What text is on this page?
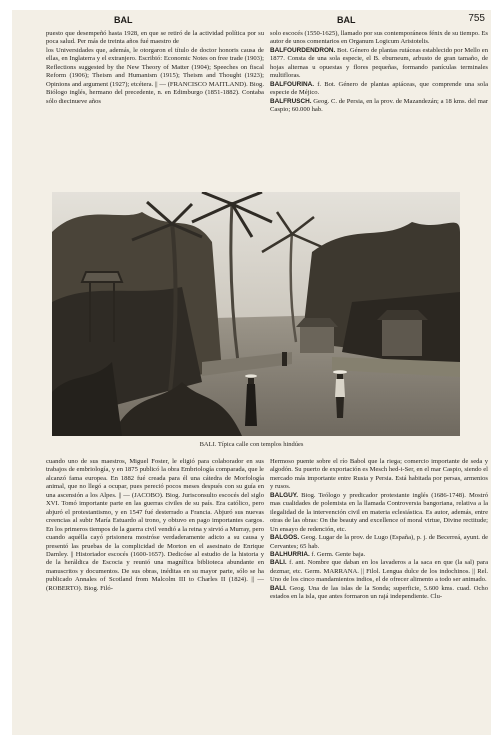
BAL	BAL	755

puesto que desempeñó hasta 1928, en que se retiró de la actividad política por su poca salud. Per más de treinta años fué maestro de

los Universidades que, además, le otorgaron el título de doctor honoris causa de ellas, en Inglaterra y el extranjero. Escribió: Economic Notes on free trade (1903); Reflections suggested by the New Theory of Matter (1904); Speeches on fiscal Reform (1906); Theism and Humanism (1915); Theism and Thought (1923); Opinions and argument (1927); etcétera. || — (FRANCISCO MAITLAND). Biog. Biólogo inglés, hermano del precedente, n. en Edimburgo (1851-1882). Contaba sólo diecinueve años

solo escocés (1550-1625), llamado por sus contemporáneos fénix de su tiempo. Es autor de unos comentarios en Organum Logicum Aristotelis.

BALFOURDENDRON. Bot. Género de plantas rutáceas establecido por Mello en 1877. Consta de una sola especie, el B. eburneum, arbusto de gran tamaño, de hojas alternas u opuestas y flores pequeñas, formando panículas terminales multifloras.

BALFOURINA. f. Bot. Género de plantas apiáceas, que comprende una sola especie de Méjico.

BALFRUSCH. Geog. C. de Persia, en la prov. de Mazandezán; a 18 kms. del mar Caspio; 60.000 hab.

BALI. Típica calle con templos hindúes

cuando uno de sus maestros, Miguel Foster, le eligió para colaborador en sus trabajos de embriología, y en 1875 publicó la obra Embriología comparada, que le alcanzó fama europea. En 1882 fué creada para él una cátedra de Morfología animal, que no llegó a ocupar, pues pereció pocos meses después con su guía en una ascensión a los Alpes. || — (JACOBO). Biog. Jurisconsulto escocés del siglo XVI. Tomó importante parte en las guerras civiles de su país. Era católico, pero abjuró el protestantismo, y en 1547 fué desterrado a Francia. Abjuró sus nuevas creencias al subir María Estuardo al trono, y obtuvo en pago importantes cargos. En los primeros tiempos de la guerra civil vendió a la reina y sirvió a Murray, pero cuando aquélla cayó prisionera mostróse verdaderamente adicto a su causa y presentó las pruebas de la complicidad de Morton en el asesinato de Enrique Darnley. || Historiador escocés (1600-1657). Dedicóse al estudio de la historia y de la heráldica de Escocia y reunió una magnífica biblioteca abundante en manuscritos y documentos. De sus obras, inéditas en su mayor parte, sólo se ha publicado Annales of Scotland from Malcolm III to Charles II (1824). || — (ROBERTO). Biog. Filó-

Hermoso puente sobre el río Babol que la riega; comercio importante de seda y algodón. Su puerto de exportación es Mesch hed-i-Ser, en el mar Caspio, siendo el mercado más importante entre Rusia y Persia. Está habitada por persas, armenios y rusos.

BALGUY. Biog. Teólogo y predicador protestante inglés (1686-1748). Mostró mas cualidades de polemista en la llamada Controversia bangoriana, relativa a la ilegalidad de la intervención civil en materia eclesiástica. Es autor, además, entre otras de las obras: On the beauty and excellence of moral virtue, Divine rectitude; Un ensayo de redención, etc.

BALGOS. Geog. Lugar de la prov. de Lugo (España), p. j. de Becerreá, ayunt. de Cervantes; 65 hab.

BALHURRIA. f. Germ. Gente baja.

BALI. f. ant. Nombre que daban en los lavaderos a la saca en que (la sal) para dezmar, etc. Germ. MARRANA. || Filol. Lengua dulce de los indochinos. || Rel. Uno de los cinco mandamientos indios, el de ofrecer alimento a todo ser animado.

BALI. Geog. Una de las islas de la Sonda; superficie, 5.600 kms. cuad. Ocho estados en la isla, que antes formaron un rajá independiente. Clu-
